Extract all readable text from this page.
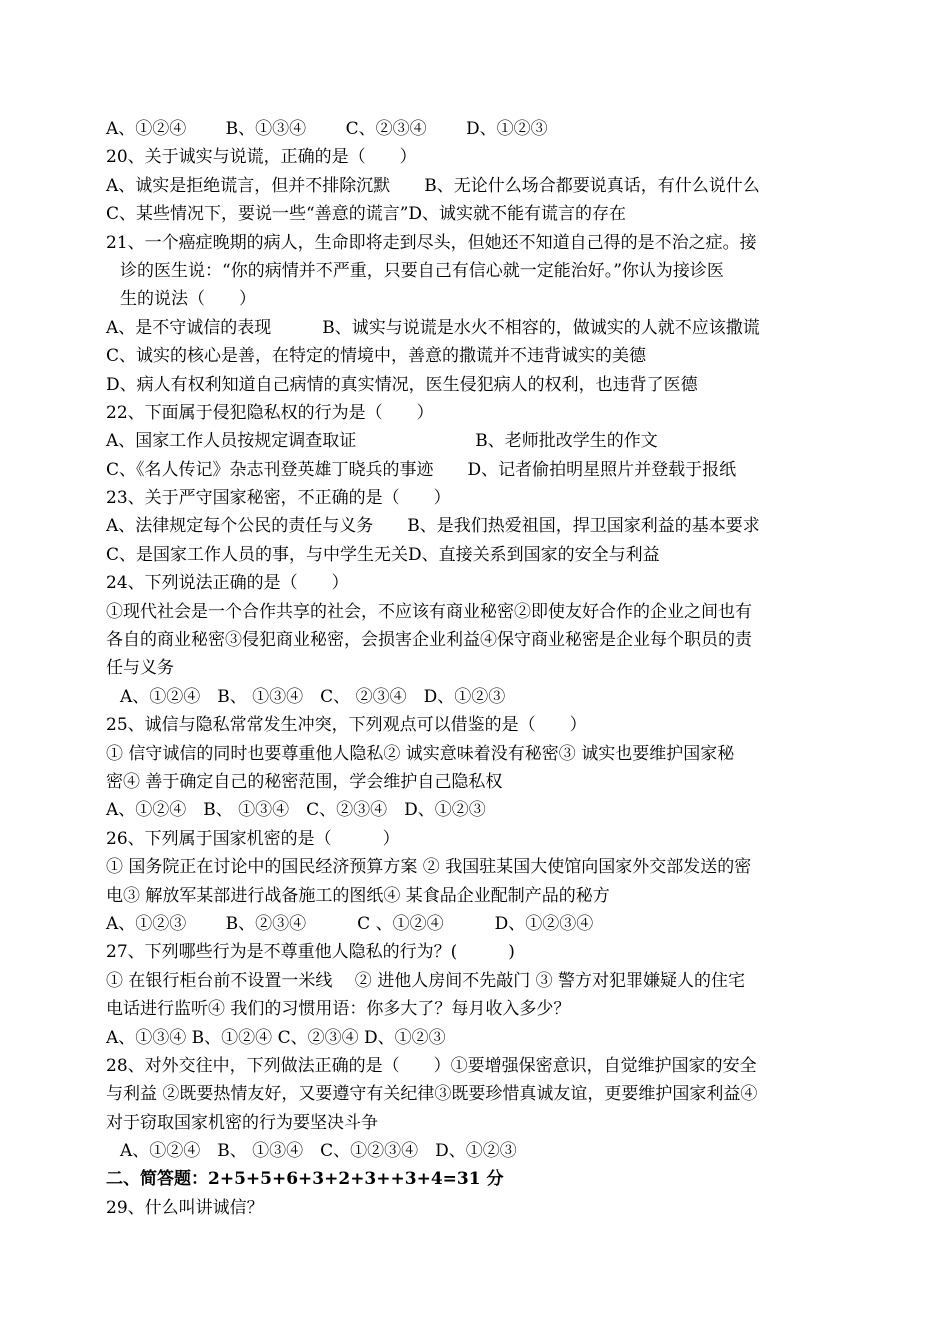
A、①②④　　 B、①③④　　 C、②③④　　 D、①②③
20、关于诚实与说谎，正确的是（　　）
A、诚实是拒绝谎言，但并不排除沉默　　B、无论什么场合都要说真话，有什么说什么
C、某些情况下，要说一些“善意的谎言”D、诚实就不能有谎言的存在
21、一个癌症晚期的病人，生命即将走到尽头，但她还不知道自己得的是不治之症。接
诊的医生说：“你的病情并不严重，只要自己有信心就一定能治好。”你认为接诊医
生的说法（　　）
A、是不守诚信的表现　　　B、诚实与说谎是水火不相容的，做诚实的人就不应该撒谎
C、诚实的核心是善，在特定的情境中，善意的撒谎并不违背诚实的美德
D、病人有权利知道自己病情的真实情况，医生侵犯病人的权利，也违背了医德
22、下面属于侵犯隐私权的行为是（　　）
A、国家工作人员按规定调查取证　　　　　　　B、老师批改学生的作文
C、《名人传记》杂志刊登英雄丁晓兵的事迹　　D、记者偷拍明星照片并登载于报纸
23、关于严守国家秘密，不正确的是（　　）
A、法律规定每个公民的责任与义务　　B、是我们热爱祖国，捍卫国家利益的基本要求
C、是国家工作人员的事，与中学生无关D、直接关系到国家的安全与利益
24、下列说法正确的是（　　）
①现代社会是一个合作共享的社会，不应该有商业秘密②即使友好合作的企业之间也有
各自的商业秘密③侵犯商业秘密，会损害企业利益④保守商业秘密是企业每个职员的责
任与义务
A、①②④　B、 ①③④　C、 ②③④　D、①②③
25、诚信与隐私常常发生冲突，下列观点可以借鉴的是（　　）
① 信守诚信的同时也要尊重他人隐私② 诚实意味着没有秘密③ 诚实也要维护国家秘
密④ 善于确定自己的秘密范围，学会维护自己隐私权
A、①②④　B、 ①③④　C、②③④　D、①②③
26、下列属于国家机密的是（　　　）
① 国务院正在讨论中的国民经济预算方案 ② 我国驻某国大使馆向国家外交部发送的密
电③ 解放军某部进行战备施工的图纸④ 某食品企业配制产品的秘方
A、①②③　　 B、②③④　　　C 、①②④　　　D、①②③④
27、下列哪些行为是不尊重他人隐私的行为？(　　　)
① 在银行柜台前不设置一米线　 ② 进他人房间不先敲门 ③ 警方对犯罪嫌疑人的住宅
电话进行监听④ 我们的习惯用语：你多大了？每月收入多少？
A、①③④ B、①②④ C、②③④ D、①②③
28、对外交往中，下列做法正确的是（　　）①要增强保密意识，自觉维护国家的安全
与利益 ②既要热情友好，又要遵守有关纪律③既要珍惜真诚友谊，更要维护国家利益④
对于窃取国家机密的行为要坚决斗争
A、①②④　B、 ①③④　C、①②③④　D、①②③
二、简答题：2+5+5+6+3+2+3++3+4=31 分
29、什么叫讲诚信？
